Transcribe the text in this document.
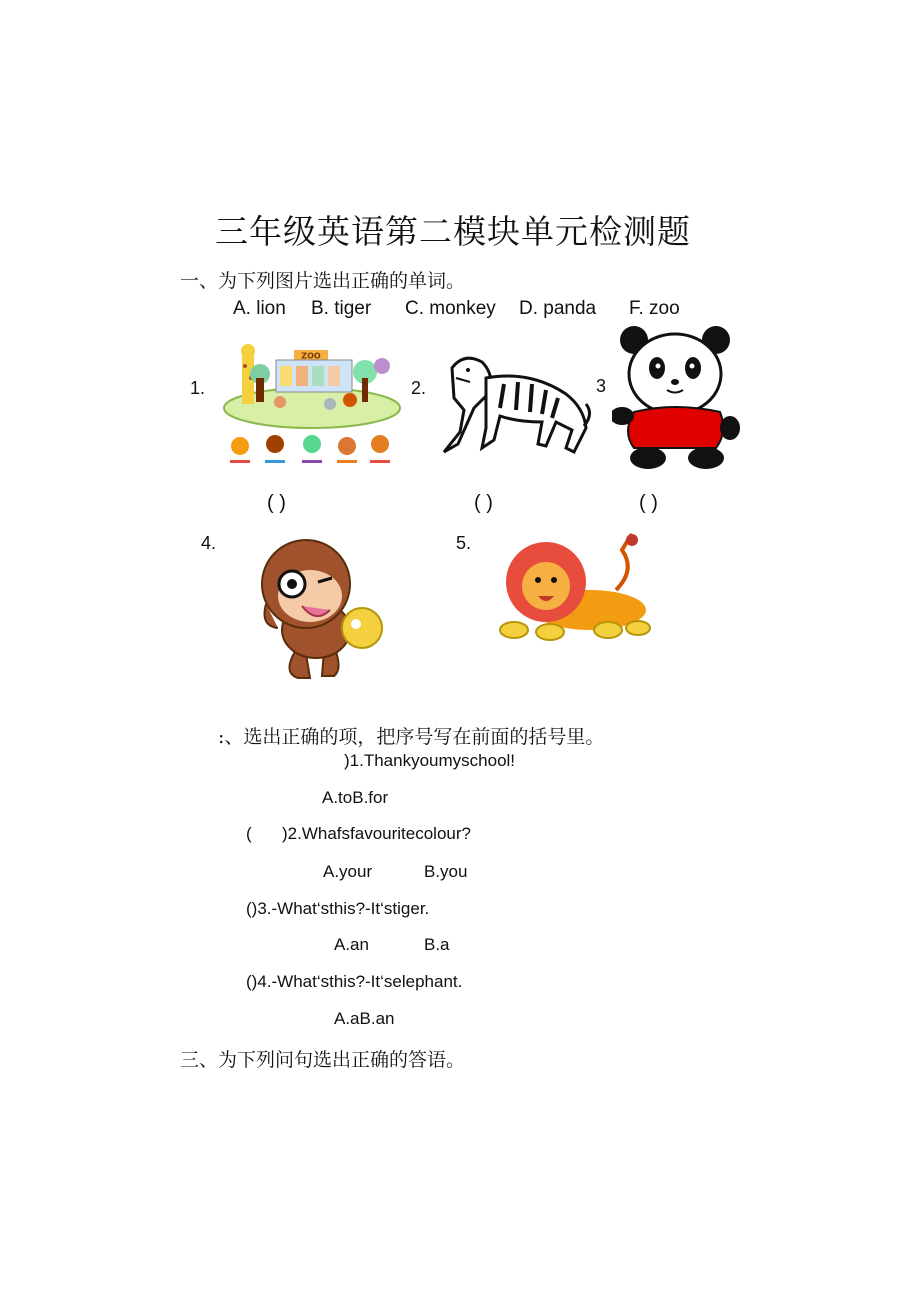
三年级英语第二模块单元检测题
一、为下列图片选出正确的单词。
A. lion B. tiger C. monkey D. panda F. zoo
1.	2.	3
4.	5.
( )	( )	( )
ZOO
:、选出正确的项，把序号写在前面的括号里。
)1.Thankyoumyschool!
A.toB.for
( )2.Whafsfavouritecolour?
A.your	B.you
()3.-What‘sthis?-It‘stiger.
A.an	B.a
()4.-What‘sthis?-It‘selephant.
A.aB.an
三、为下列问句选出正确的答语。
